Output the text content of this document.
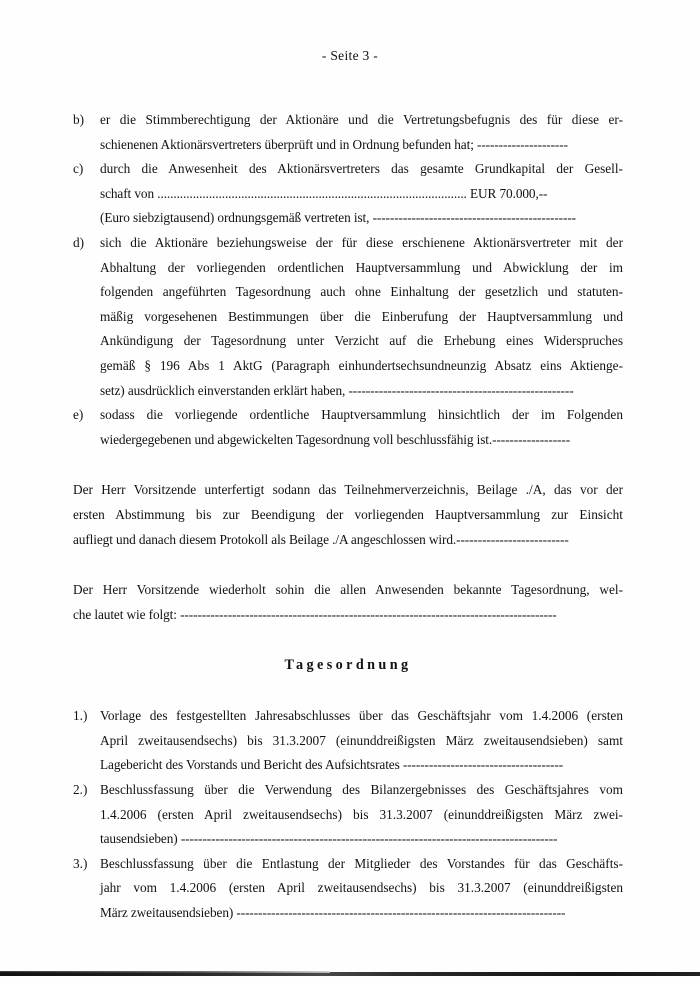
- Seite 3 -
b)	er die Stimmberechtigung der Aktionäre und die Vertretungsbefugnis des für diese er-
schienenen Aktionärsvertreters überprüft und in Ordnung befunden hat; ---------------------
c)	durch die Anwesenheit des Aktionärsvertreters das gesamte Grundkapital der Gesell-
schaft von ................................................................................................ EUR 70.000,--
(Euro siebzigtausend) ordnungsgemäß vertreten ist, -----------------------------------------------
d)	sich die Aktionäre beziehungsweise der für diese erschienene Aktionärsvertreter mit der
Abhaltung der vorliegenden ordentlichen Hauptversammlung und Abwicklung der im
folgenden angeführten Tagesordnung auch ohne Einhaltung der gesetzlich und statuten-
mäßig vorgesehenen Bestimmungen über die Einberufung der Hauptversammlung und
Ankündigung der Tagesordnung unter Verzicht auf die Erhebung eines Widerspruches
gemäß § 196 Abs 1 AktG (Paragraph einhundertsechsundneunzig Absatz eins Aktienge-
setz) ausdrücklich einverstanden erklärt haben, ----------------------------------------------------
e)	sodass die vorliegende ordentliche Hauptversammlung hinsichtlich der im Folgenden
wiedergegebenen und abgewickelten Tagesordnung voll beschlussfähig ist.------------------
Der Herr Vorsitzende unterfertigt sodann das Teilnehmerverzeichnis, Beilage ./A, das vor der
ersten Abstimmung bis zur Beendigung der vorliegenden Hauptversammlung zur Einsicht
aufliegt und danach diesem Protokoll als Beilage ./A angeschlossen wird.--------------------------
Der Herr Vorsitzende wiederholt sohin die allen Anwesenden bekannte Tagesordnung, wel-
che lautet wie folgt: ---------------------------------------------------------------------------------------
Tagesordnung
1.) Vorlage des festgestellten Jahresabschlusses über das Geschäftsjahr vom 1.4.2006 (ersten
April zweitausendsechs) bis 31.3.2007 (einunddreißigsten März zweitausendsieben) samt
Lagebericht des Vorstands und Bericht des Aufsichtsrates -------------------------------------
2.) Beschlussfassung über die Verwendung des Bilanzergebnisses des Geschäftsjahres vom
1.4.2006 (ersten April zweitausendsechs) bis 31.3.2007 (einunddreißigsten März zwei-
tausendsieben) ---------------------------------------------------------------------------------------
3.) Beschlussfassung über die Entlastung der Mitglieder des Vorstandes für das Geschäfts-
jahr vom 1.4.2006 (ersten April zweitausendsechs) bis 31.3.2007 (einunddreißigsten
März zweitausendsieben) ----------------------------------------------------------------------------
